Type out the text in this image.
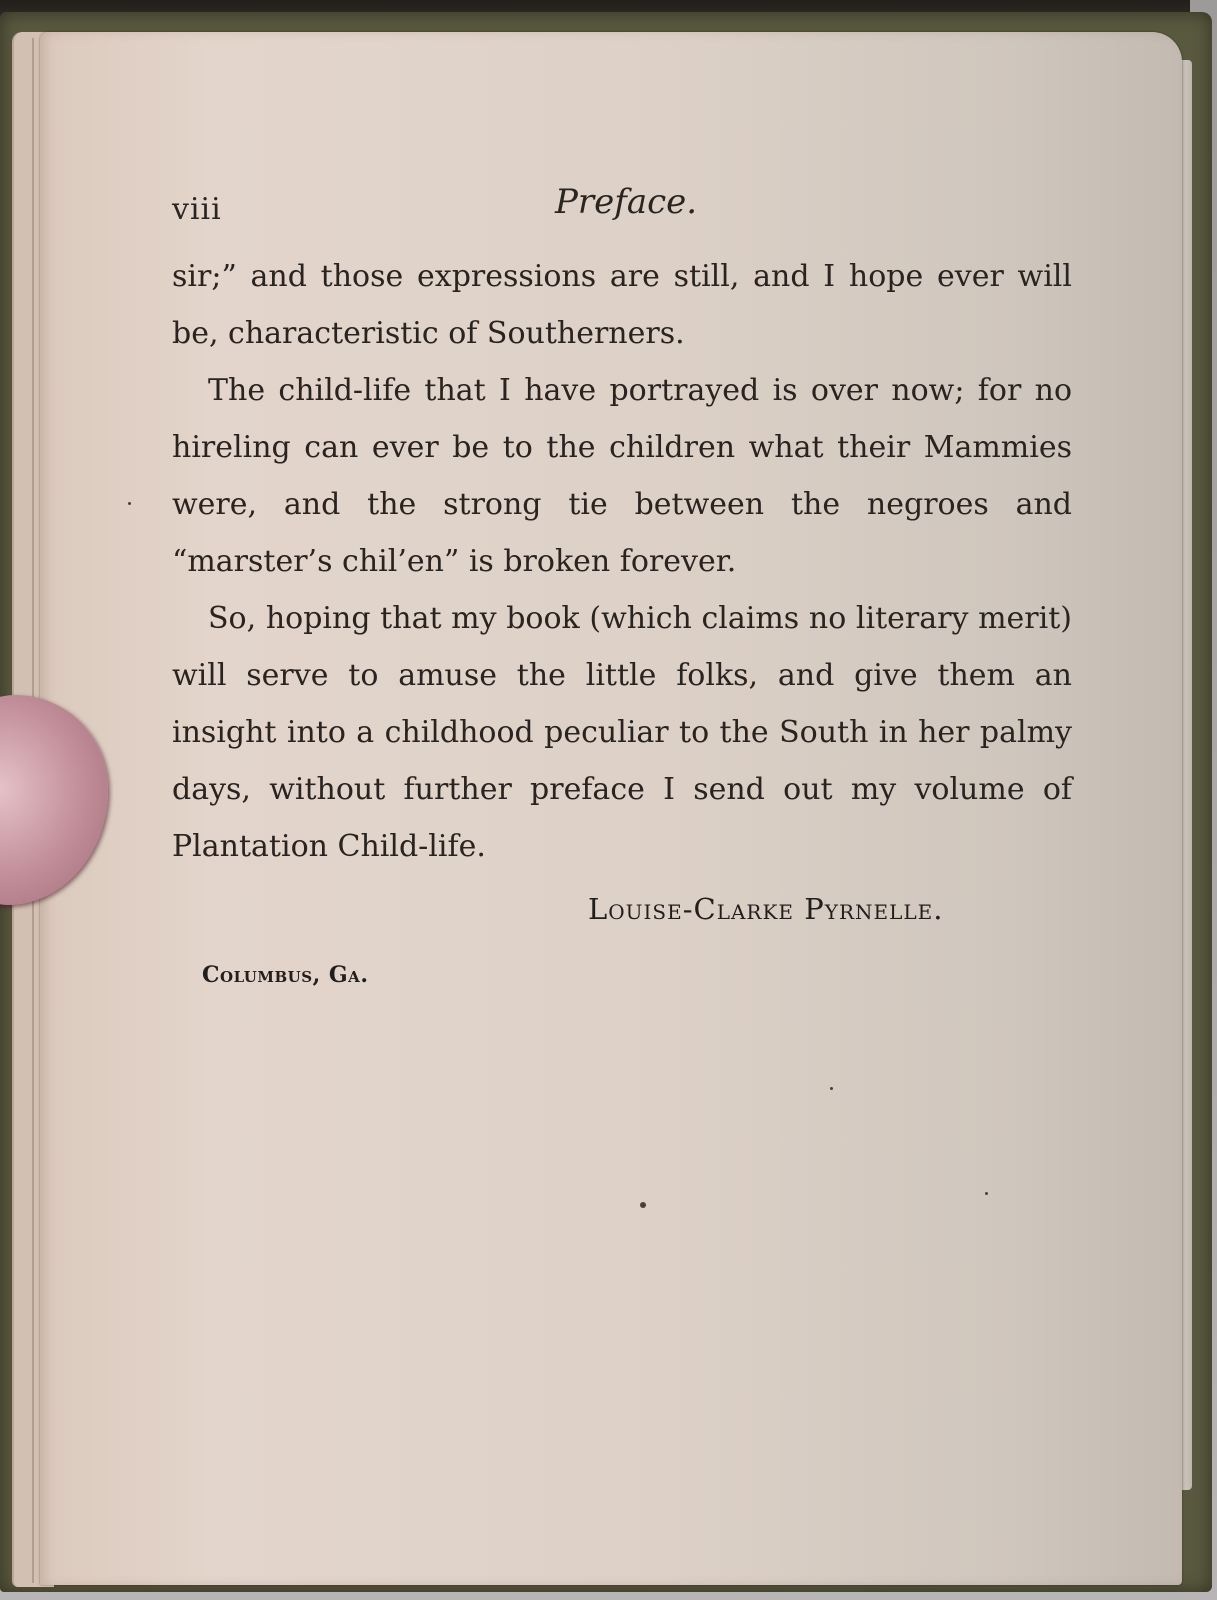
viii	Preface.

sir;” and those expressions are still, and I hope ever will be, characteristic of Southerners.

The child-life that I have portrayed is over now; for no hireling can ever be to the children what their Mammies were, and the strong tie between the negroes and “marster’s chil’en” is broken forever.

So, hoping that my book (which claims no literary merit) will serve to amuse the little folks, and give them an insight into a childhood peculiar to the South in her palmy days, without further preface I send out my volume of Plantation Child-life.

Louise-Clarke Pyrnelle.
Columbus, Ga.
